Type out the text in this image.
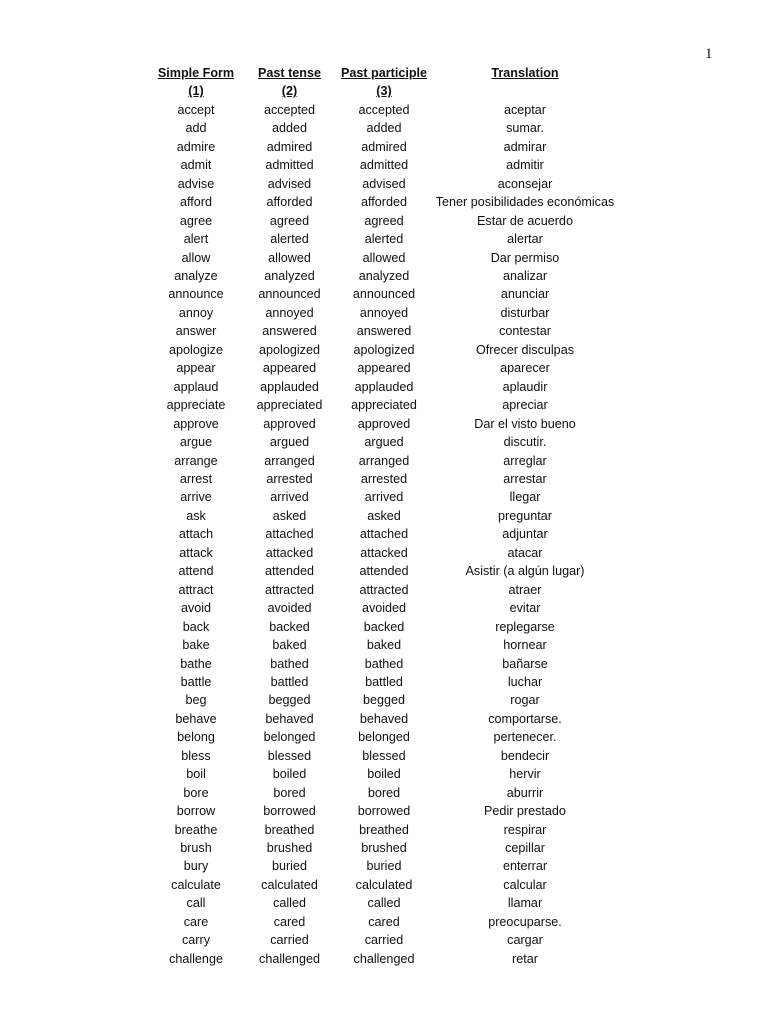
1
Simple Form	Past tense	Past participle	Translation
(1)	(2)	(3)	
accept	accepted	accepted	aceptar
add	added	added	sumar.
admire	admired	admired	admirar
admit	admitted	admitted	admitir
advise	advised	advised	aconsejar
afford	afforded	afforded	Tener posibilidades económicas
agree	agreed	agreed	Estar de acuerdo
alert	alerted	alerted	alertar
allow	allowed	allowed	Dar permiso
analyze	analyzed	analyzed	analizar
announce	announced	announced	anunciar
annoy	annoyed	annoyed	disturbar
answer	answered	answered	contestar
apologize	apologized	apologized	Ofrecer disculpas
appear	appeared	appeared	aparecer
applaud	applauded	applauded	aplaudir
appreciate	appreciated	appreciated	apreciar
approve	approved	approved	Dar el visto bueno
argue	argued	argued	discutir.
arrange	arranged	arranged	arreglar
arrest	arrested	arrested	arrestar
arrive	arrived	arrived	llegar
ask	asked	asked	preguntar
attach	attached	attached	adjuntar
attack	attacked	attacked	atacar
attend	attended	attended	Asistir (a algún lugar)
attract	attracted	attracted	atraer
avoid	avoided	avoided	evitar
back	backed	backed	replegarse
bake	baked	baked	hornear
bathe	bathed	bathed	bañarse
battle	battled	battled	luchar
beg	begged	begged	rogar
behave	behaved	behaved	comportarse.
belong	belonged	belonged	pertenecer.
bless	blessed	blessed	bendecir
boil	boiled	boiled	hervir
bore	bored	bored	aburrir
borrow	borrowed	borrowed	Pedir prestado
breathe	breathed	breathed	respirar
brush	brushed	brushed	cepillar
bury	buried	buried	enterrar
calculate	calculated	calculated	calcular
call	called	called	llamar
care	cared	cared	preocuparse.
carry	carried	carried	cargar
challenge	challenged	challenged	retar
